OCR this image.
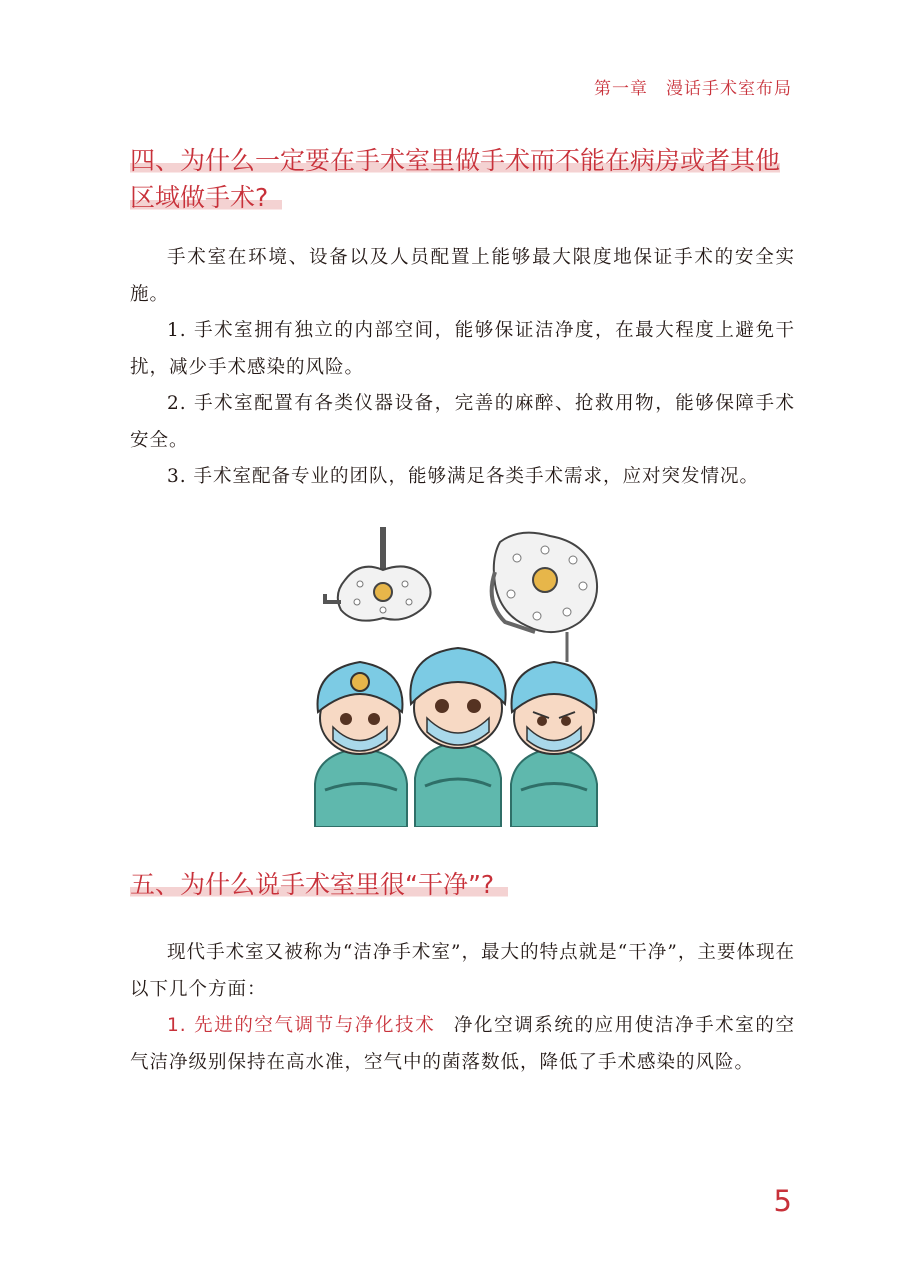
第一章 漫话手术室布局
四、为什么一定要在手术室里做手术而不能在病房或者其他区域做手术?

手术室在环境、设备以及人员配置上能够最大限度地保证手术的安全实施。

1. 手术室拥有独立的内部空间，能够保证洁净度，在最大程度上避免干扰，减少手术感染的风险。

2. 手术室配置有各类仪器设备，完善的麻醉、抢救用物，能够保障手术安全。

3. 手术室配备专业的团队，能够满足各类手术需求，应对突发情况。

五、为什么说手术室里很“干净”?

现代手术室又被称为“洁净手术室”，最大的特点就是“干净”，主要体现在以下几个方面：

1. 先进的空气调节与净化技术 净化空调系统的应用使洁净手术室的空气洁净级别保持在高水准，空气中的菌落数低，降低了手术感染的风险。

5
